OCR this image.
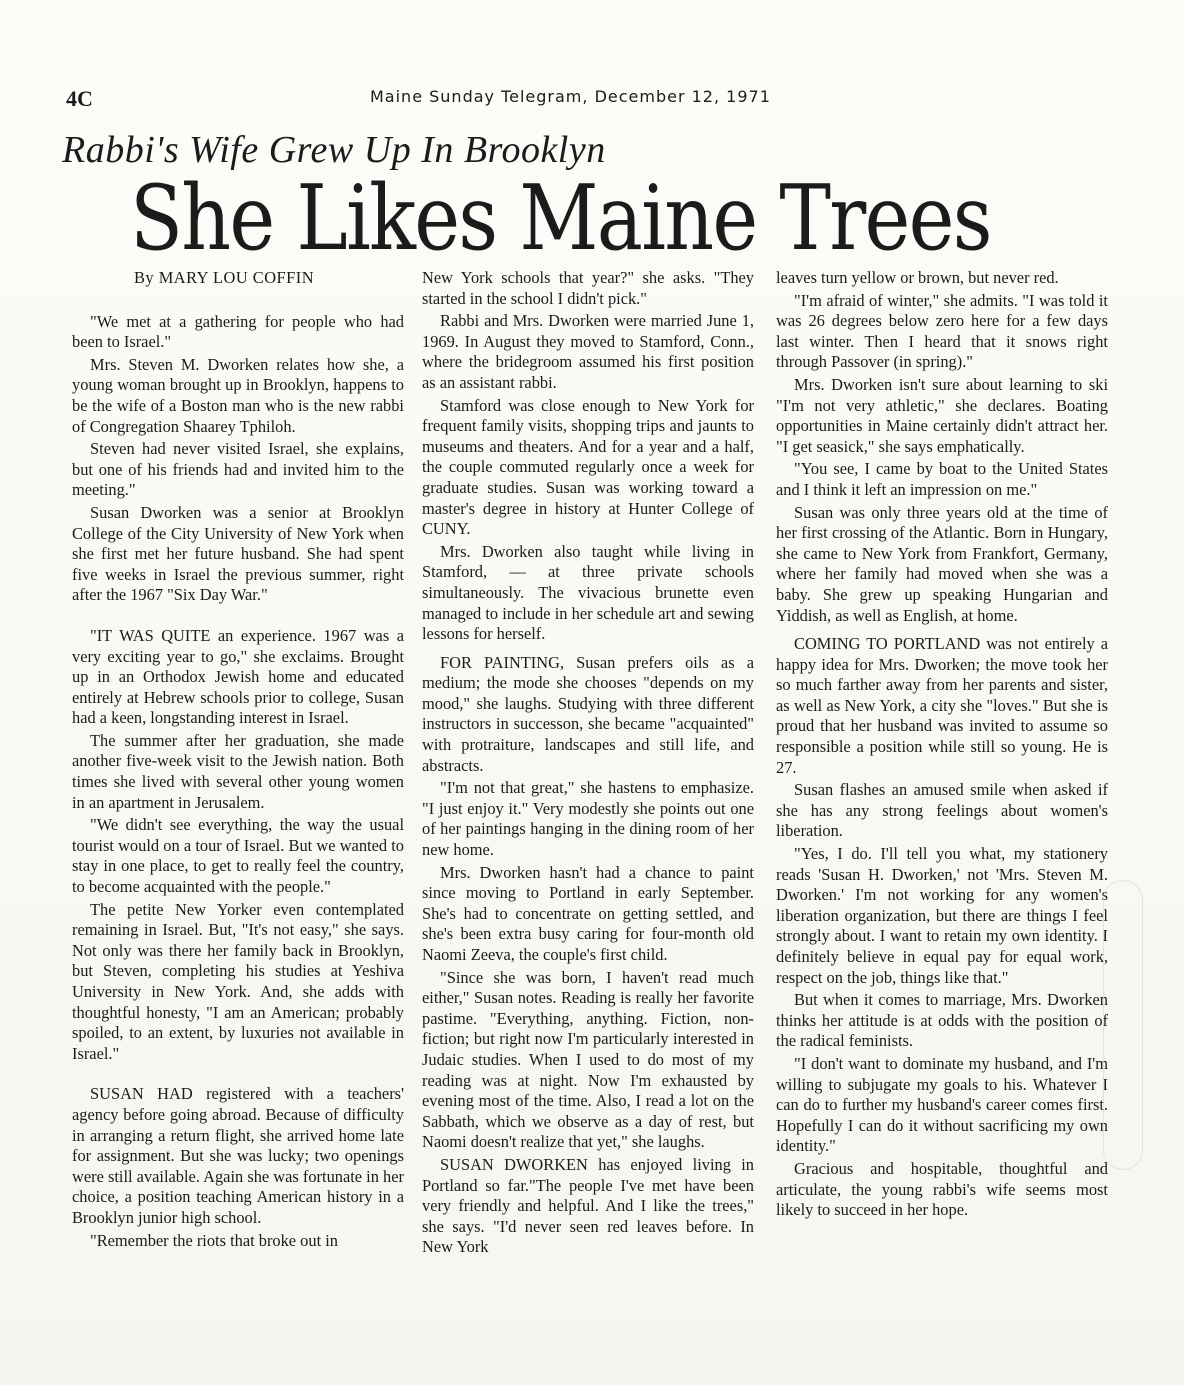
4C	Maine Sunday Telegram, December 12, 1971
Rabbi's Wife Grew Up In Brooklyn
She Likes Maine Trees
By MARY LOU COFFIN

"We met at a gathering for people who had been to Israel."

Mrs. Steven M. Dworken relates how she, a young woman brought up in Brooklyn, happens to be the wife of a Boston man who is the new rabbi of Congregation Shaarey Tphiloh.

Steven had never visited Israel, she explains, but one of his friends had and invited him to the meeting."

Susan Dworken was a senior at Brooklyn College of the City University of New York when she first met her future husband. She had spent five weeks in Israel the previous summer, right after the 1967 "Six Day War."

"IT WAS QUITE an experience. 1967 was a very exciting year to go," she exclaims. Brought up in an Orthodox Jewish home and educated entirely at Hebrew schools prior to college, Susan had a keen, longstanding interest in Israel.

The summer after her graduation, she made another five-week visit to the Jewish nation. Both times she lived with several other young women in an apartment in Jerusalem.

"We didn't see everything, the way the usual tourist would on a tour of Israel. But we wanted to stay in one place, to get to really feel the country, to become acquainted with the people."

The petite New Yorker even contemplated remaining in Israel. But, "It's not easy," she says. Not only was there her family back in Brooklyn, but Steven, completing his studies at Yeshiva University in New York. And, she adds with thoughtful honesty, "I am an American; probably spoiled, to an extent, by luxuries not available in Israel."

SUSAN HAD registered with a teachers' agency before going abroad. Because of difficulty in arranging a return flight, she arrived home late for assignment. But she was lucky; two openings were still available. Again she was fortunate in her choice, a position teaching American history in a Brooklyn junior high school.

"Remember the riots that broke out in

New York schools that year?" she asks. "They started in the school I didn't pick."

Rabbi and Mrs. Dworken were married June 1, 1969. In August they moved to Stamford, Conn., where the bridegroom assumed his first position as an assistant rabbi.

Stamford was close enough to New York for frequent family visits, shopping trips and jaunts to museums and theaters. And for a year and a half, the couple commuted regularly once a week for graduate studies. Susan was working toward a master's degree in history at Hunter College of CUNY.

Mrs. Dworken also taught while living in Stamford, — at three private schools simultaneously. The vivacious brunette even managed to include in her schedule art and sewing lessons for herself.

FOR PAINTING, Susan prefers oils as a medium; the mode she chooses "depends on my mood," she laughs. Studying with three different instructors in successon, she became "acquainted" with protraiture, landscapes and still life, and abstracts.

"I'm not that great," she hastens to emphasize. "I just enjoy it." Very modestly she points out one of her paintings hanging in the dining room of her new home.

Mrs. Dworken hasn't had a chance to paint since moving to Portland in early September. She's had to concentrate on getting settled, and she's been extra busy caring for four-month old Naomi Zeeva, the couple's first child.

"Since she was born, I haven't read much either," Susan notes. Reading is really her favorite pastime. "Everything, anything. Fiction, non-fiction; but right now I'm particularly interested in Judaic studies. When I used to do most of my reading was at night. Now I'm exhausted by evening most of the time. Also, I read a lot on the Sabbath, which we observe as a day of rest, but Naomi doesn't realize that yet," she laughs.

SUSAN DWORKEN has enjoyed living in Portland so far."The people I've met have been very friendly and helpful. And I like the trees," she says. "I'd never seen red leaves before. In New York

leaves turn yellow or brown, but never red.

"I'm afraid of winter," she admits. "I was told it was 26 degrees below zero here for a few days last winter. Then I heard that it snows right through Passover (in spring)."

Mrs. Dworken isn't sure about learning to ski "I'm not very athletic," she declares. Boating opportunities in Maine certainly didn't attract her. "I get seasick," she says emphatically.

"You see, I came by boat to the United States and I think it left an impression on me."

Susan was only three years old at the time of her first crossing of the Atlantic. Born in Hungary, she came to New York from Frankfort, Germany, where her family had moved when she was a baby. She grew up speaking Hungarian and Yiddish, as well as English, at home.

COMING TO PORTLAND was not entirely a happy idea for Mrs. Dworken; the move took her so much farther away from her parents and sister, as well as New York, a city she "loves." But she is proud that her husband was invited to assume so responsible a position while still so young. He is 27.

Susan flashes an amused smile when asked if she has any strong feelings about women's liberation.

"Yes, I do. I'll tell you what, my stationery reads 'Susan H. Dworken,' not 'Mrs. Steven M. Dworken.' I'm not working for any women's liberation organization, but there are things I feel strongly about. I want to retain my own identity. I definitely believe in equal pay for equal work, respect on the job, things like that."

But when it comes to marriage, Mrs. Dworken thinks her attitude is at odds with the position of the radical feminists.

"I don't want to dominate my husband, and I'm willing to subjugate my goals to his. Whatever I can do to further my husband's career comes first. Hopefully I can do it without sacrificing my own identity."

Gracious and hospitable, thoughtful and articulate, the young rabbi's wife seems most likely to succeed in her hope.
